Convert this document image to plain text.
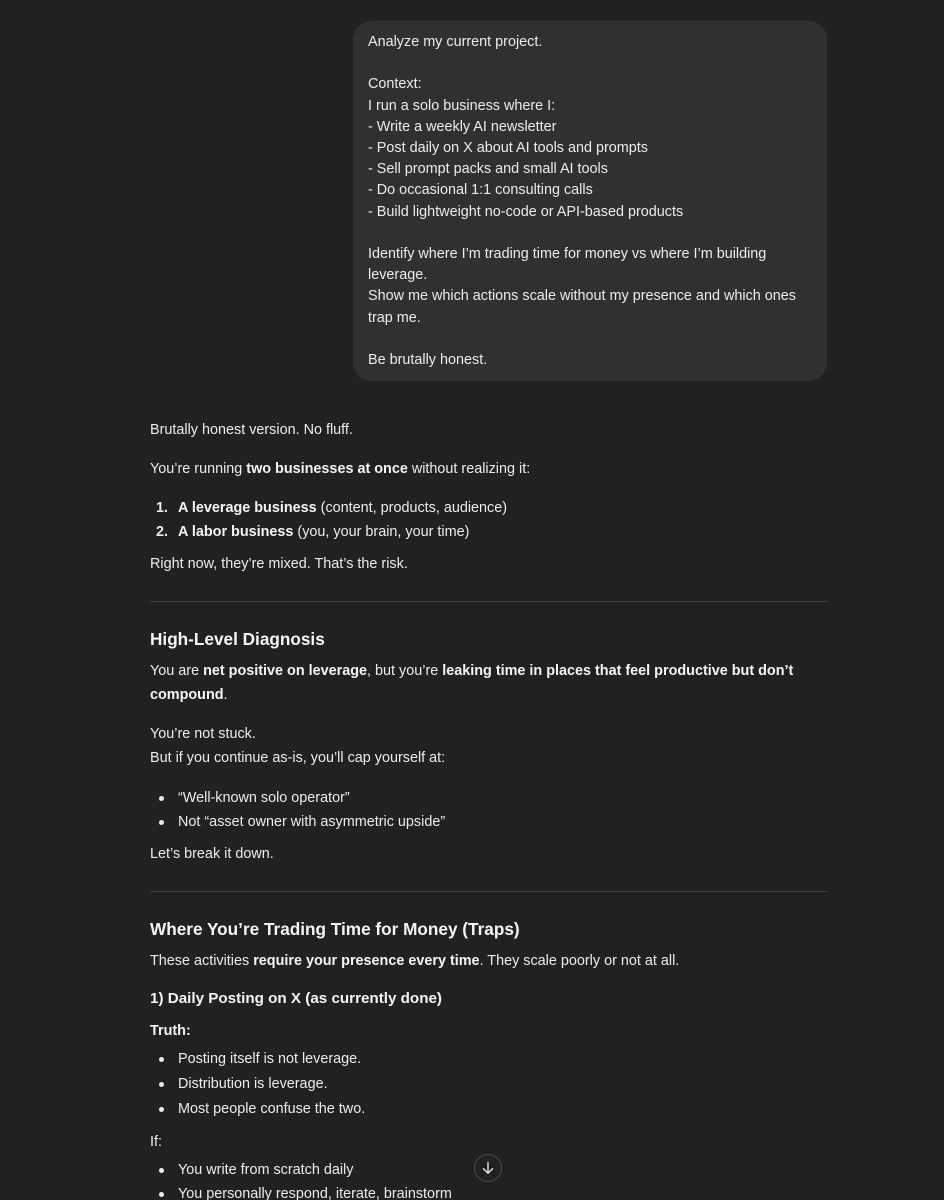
Analyze my current project.
Context:
I run a solo business where I:
- Write a weekly AI newsletter
- Post daily on X about AI tools and prompts
- Sell prompt packs and small AI tools
- Do occasional 1:1 consulting calls
- Build lightweight no-code or API-based products
Identify where I’m trading time for money vs where I’m building
leverage.
Show me which actions scale without my presence and which ones
trap me.
Be brutally honest.

Brutally honest version. No fluff.

You’re running two businesses at once without realizing it:

1. A leverage business (content, products, audience)
2. A labor business (you, your brain, your time)

Right now, they’re mixed. That’s the risk.

High-Level Diagnosis

You are net positive on leverage, but you’re leaking time in places that feel productive but don’t
compound.

You’re not stuck.
But if you continue as-is, you’ll cap yourself at:

“Well-known solo operator”
Not “asset owner with asymmetric upside”

Let’s break it down.

Where You’re Trading Time for Money (Traps)

These activities require your presence every time. They scale poorly or not at all.

1) Daily Posting on X (as currently done)

Truth:

Posting itself is not leverage.
Distribution is leverage.
Most people confuse the two.

If:

You write from scratch daily
You personally respond, iterate, brainstorm
